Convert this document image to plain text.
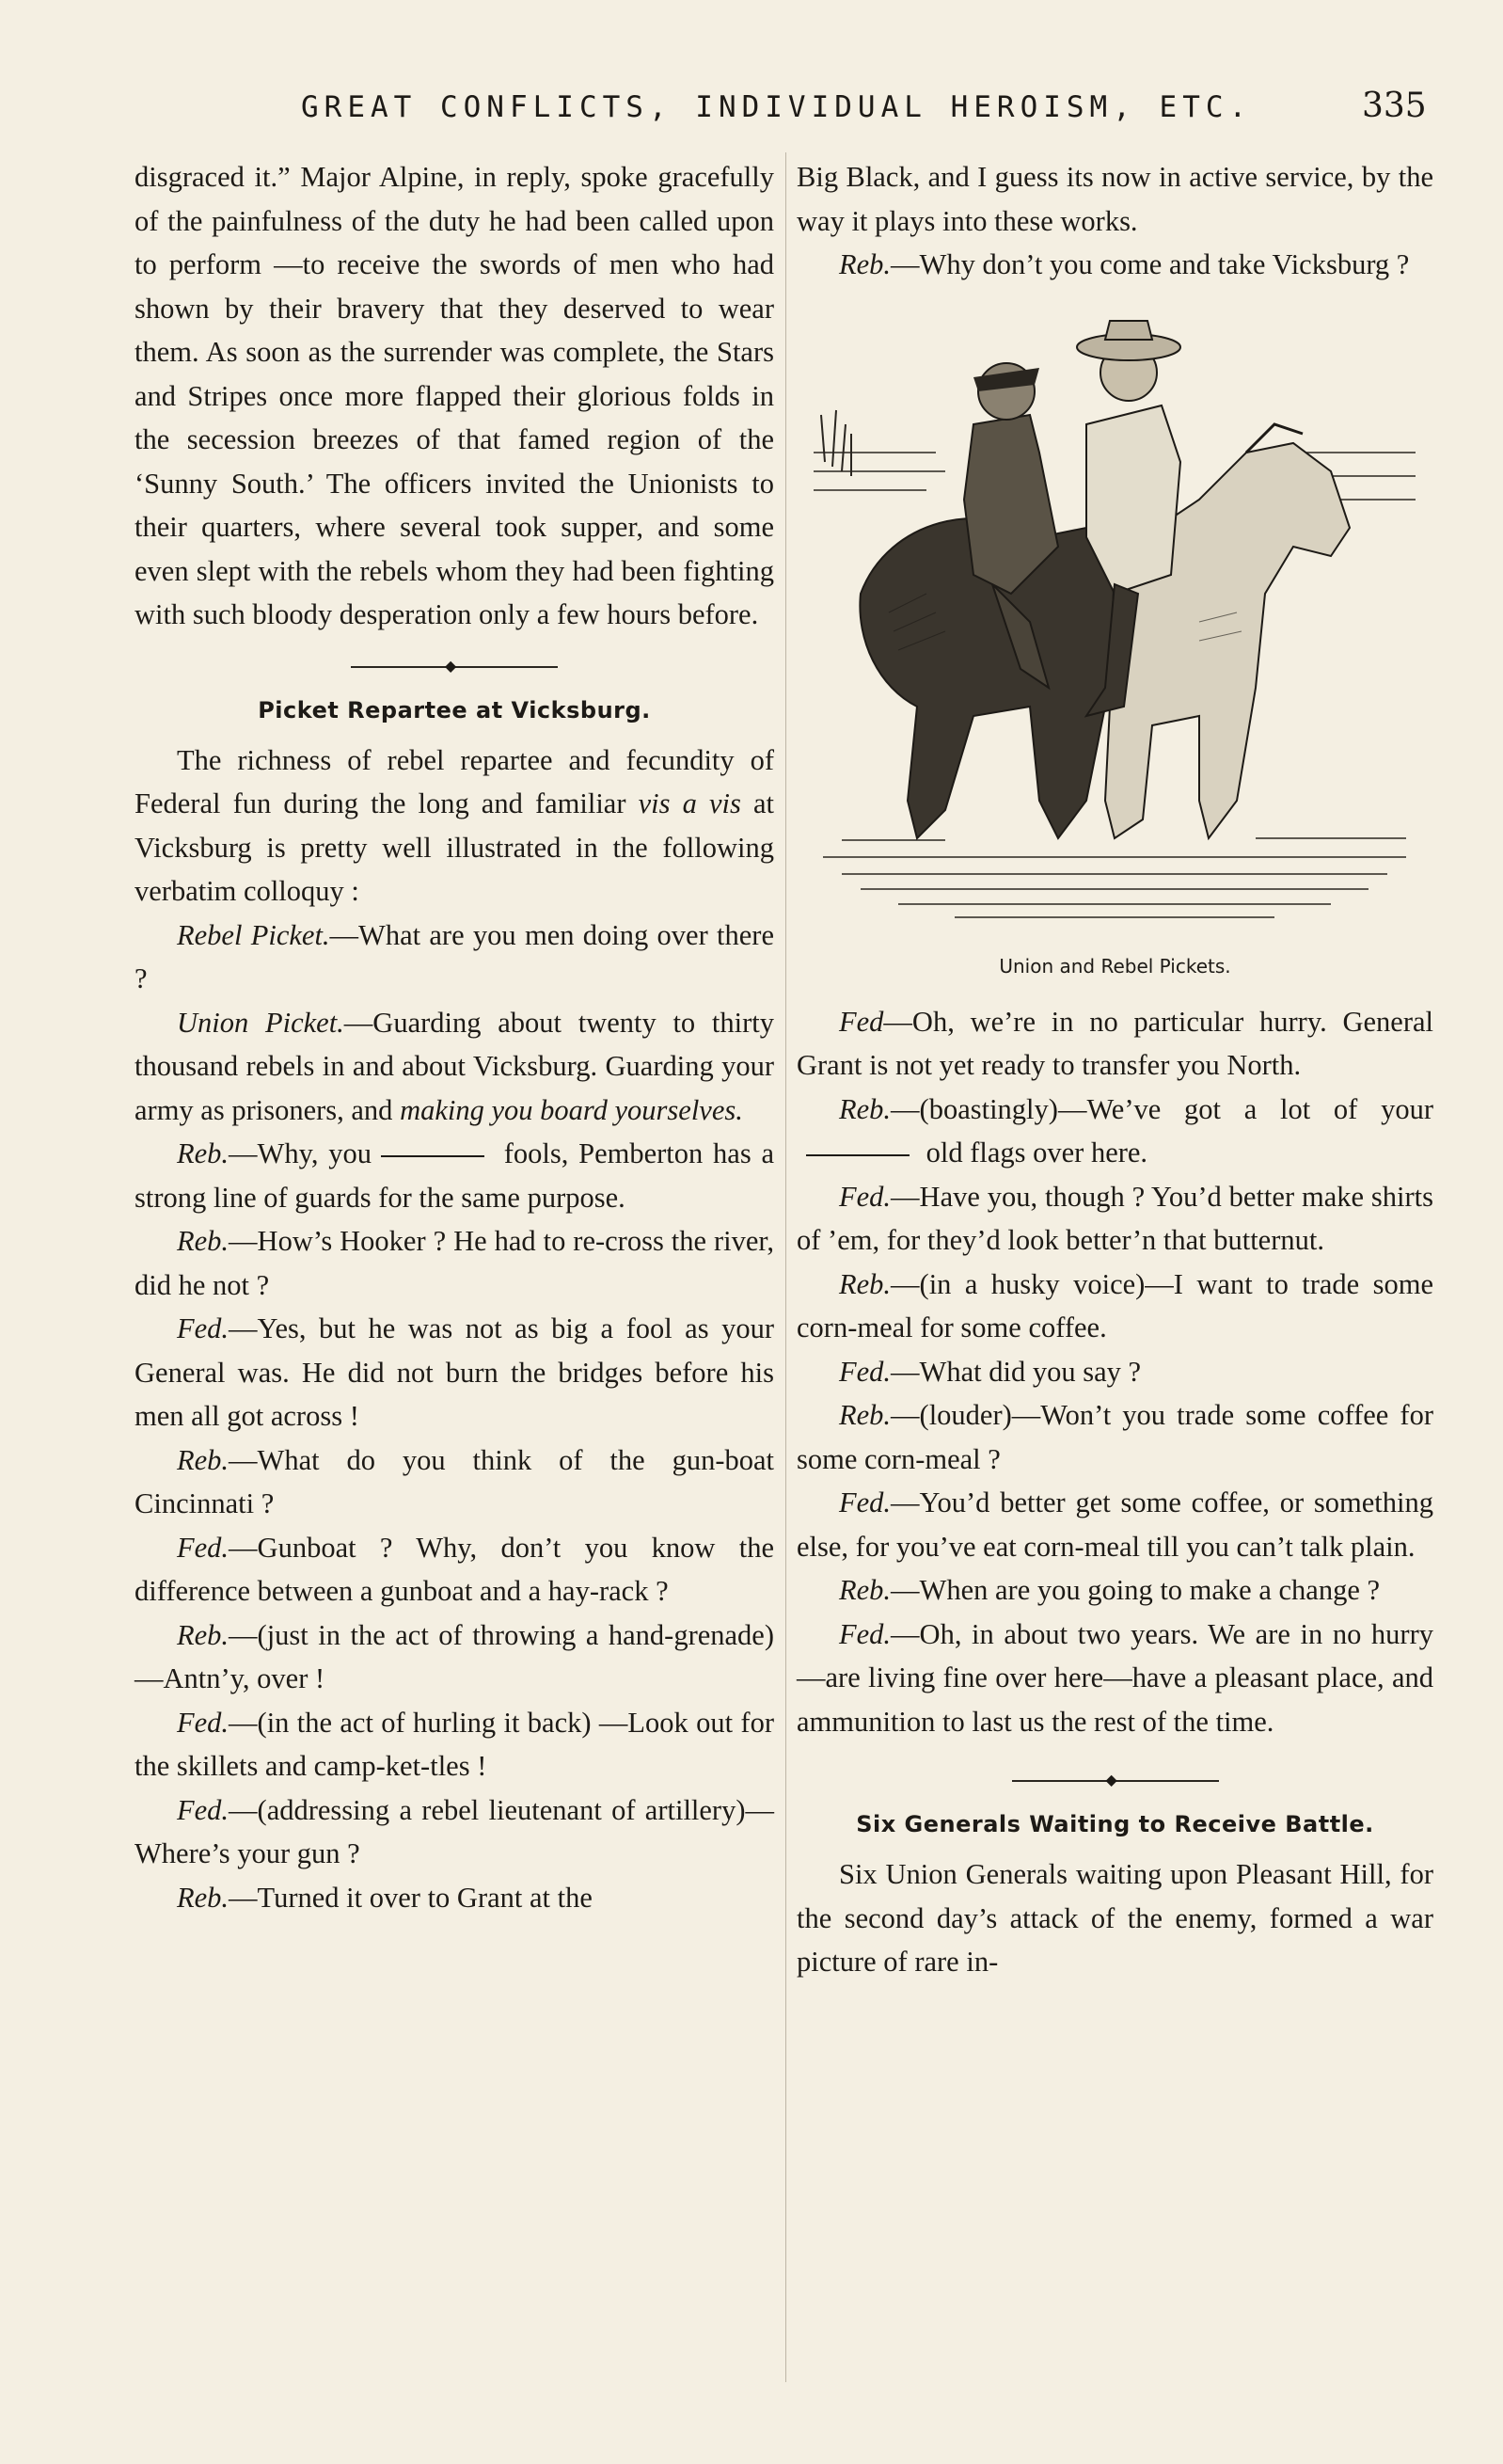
GREAT CONFLICTS, INDIVIDUAL HEROISM, ETC.	335

disgraced it.” Major Alpine, in reply, spoke gracefully of the painfulness of the duty he had been called upon to perform —to receive the swords of men who had shown by their bravery that they deserved to wear them. As soon as the surrender was complete, the Stars and Stripes once more flapped their glorious folds in the secession breezes of that famed region of the ‘Sunny South.’ The officers invited the Unionists to their quarters, where several took supper, and some even slept with the rebels whom they had been fighting with such bloody desperation only a few hours before.

◆
Picket Repartee at Vicksburg.

The richness of rebel repartee and fecundity of Federal fun during the long and familiar vis a vis at Vicksburg is pretty well illustrated in the following verbatim colloquy :

Rebel Picket.—What are you men doing over there ?

Union Picket.—Guarding about twenty to thirty thousand rebels in and about Vicksburg. Guarding your army as prisoners, and making you board yourselves.

Reb.—Why, you	fools, Pemberton has a strong line of guards for the same purpose.

Reb.—How’s Hooker ? He had to re-cross the river, did he not ?

Fed.—Yes, but he was not as big a fool as your General was. He did not burn the bridges before his men all got across !

Reb.—What do you think of the gun-boat Cincinnati ?

Fed.—Gunboat ? Why, don’t you know the difference between a gunboat and a hay-rack ?

Reb.—(just in the act of throwing a hand-grenade)—Antn’y, over !

Fed.—(in the act of hurling it back) —Look out for the skillets and camp-ket-tles !

Fed.—(addressing a rebel lieutenant of artillery)—Where’s your gun ?

Reb.—Turned it over to Grant at the

Big Black, and I guess its now in active service, by the way it plays into these works.

Reb.—Why don’t you come and take Vicksburg ?

Union and Rebel Pickets.

Fed—Oh, we’re in no particular hurry. General Grant is not yet ready to transfer you North.

Reb.—(boastingly)—We’ve got a lot of your old flags over here.

Fed.—Have you, though ? You’d better make shirts of ’em, for they’d look better’n that butternut.

Reb.—(in a husky voice)—I want to trade some corn-meal for some coffee.

Fed.—What did you say ?

Reb.—(louder)—Won’t you trade some coffee for some corn-meal ?

Fed.—You’d better get some coffee, or something else, for you’ve eat corn-meal till you can’t talk plain.

Reb.—When are you going to make a change ?

Fed.—Oh, in about two years. We are in no hurry—are living fine over here—have a pleasant place, and ammunition to last us the rest of the time.

◆
Six Generals Waiting to Receive Battle.

Six Union Generals waiting upon Pleasant Hill, for the second day’s attack of the enemy, formed a war picture of rare in-
